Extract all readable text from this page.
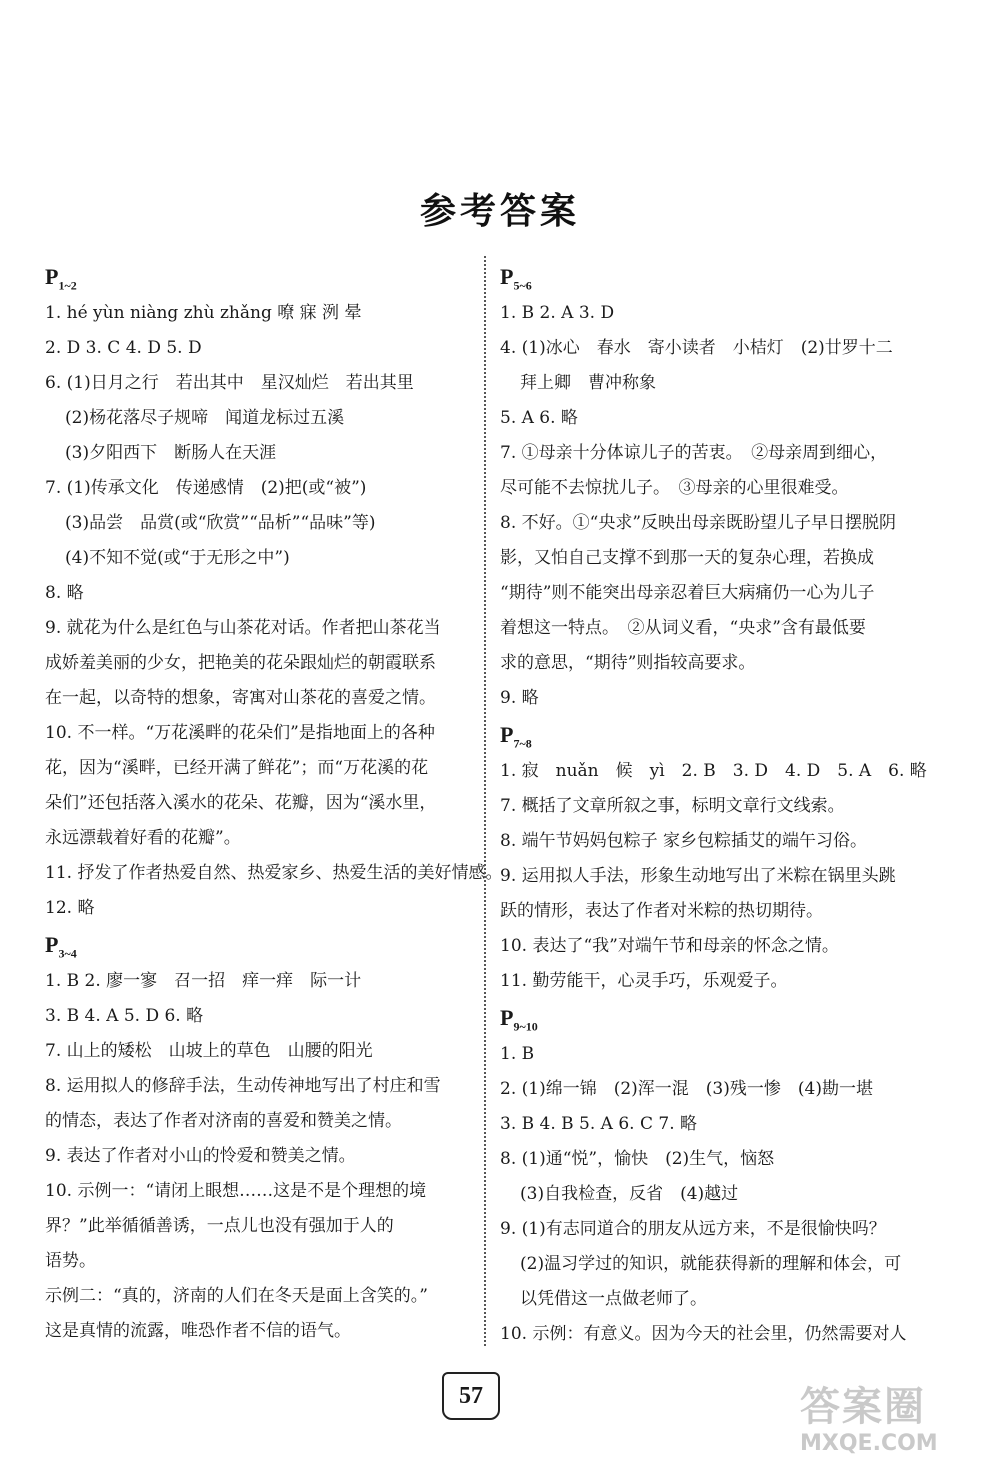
参考答案
$P_{1\sim 2}$
1. hé yùn niàng zhù zhǎng 嘹 寐 洌 晕
2. D 3. C 4. D 5. D
6. (1)日月之行　若出其中　星汉灿烂　若出其里
(2)杨花落尽子规啼　闻道龙标过五溪
(3)夕阳西下　断肠人在天涯
7. (1)传承文化　传递感情　(2)把(或“被”)
(3)品尝　品赏(或“欣赏”“品析”“品味”等)
(4)不知不觉(或“于无形之中”)
8. 略
9. 就花为什么是红色与山茶花对话。作者把山茶花当
成娇羞美丽的少女，把艳美的花朵跟灿烂的朝霞联系
在一起，以奇特的想象，寄寓对山茶花的喜爱之情。
10. 不一样。“万花溪畔的花朵们”是指地面上的各种
花，因为“溪畔，已经开满了鲜花”；而“万花溪的花
朵们”还包括落入溪水的花朵、花瓣，因为“溪水里，
永远漂载着好看的花瓣”。
11. 抒发了作者热爱自然、热爱家乡、热爱生活的美好情感。
12. 略
$P_{3\sim 4}$
1. B 2. 廖一寥　召一招　痒一痒　际一计
3. B 4. A 5. D 6. 略
7. 山上的矮松　山坡上的草色　山腰的阳光
8. 运用拟人的修辞手法，生动传神地写出了村庄和雪
的情态，表达了作者对济南的喜爱和赞美之情。
9. 表达了作者对小山的怜爱和赞美之情。
10. 示例一：“请闭上眼想……这是不是个理想的境
界？”此举循循善诱，一点儿也没有强加于人的
语势。
示例二：“真的，济南的人们在冬天是面上含笑的。”
这是真情的流露，唯恐作者不信的语气。
$P_{5\sim 6}$
1. B 2. A 3. D
4. (1)冰心　春水　寄小读者　小桔灯　(2)廿罗十二
拜上卿　曹冲称象
5. A 6. 略
7. ①母亲十分体谅儿子的苦衷。　②母亲周到细心，
尽可能不去惊扰儿子。　③母亲的心里很难受。
8. 不好。①“央求”反映出母亲既盼望儿子早日摆脱阴
影，又怕自己支撑不到那一天的复杂心理，若换成
“期待”则不能突出母亲忍着巨大病痛仍一心为儿子
着想这一特点。　②从词义看，“央求”含有最低要
求的意思，“期待”则指较高要求。
9. 略
$P_{7\sim 8}$
1. 寂　nuǎn　候　yì　2. B　3. D　4. D　5. A　6. 略
7. 概括了文章所叙之事，标明文章行文线索。
8. 端午节妈妈包粽子 家乡包粽插艾的端午习俗。
9. 运用拟人手法，形象生动地写出了米粽在锅里头跳
跃的情形，表达了作者对米粽的热切期待。
10. 表达了“我”对端午节和母亲的怀念之情。
11. 勤劳能干，心灵手巧，乐观爱子。
$P_{9\sim 10}$
1. B
2. (1)绵一锦　(2)浑一混　(3)残一惨　(4)勘一堪
3. B 4. B 5. A 6. C 7. 略
8. (1)通“悦”，愉快　(2)生气，恼怒
(3)自我检查，反省　(4)越过
9. (1)有志同道合的朋友从远方来，不是很愉快吗？
(2)温习学过的知识，就能获得新的理解和体会，可
以凭借这一点做老师了。
10. 示例：有意义。因为今天的社会里，仍然需要对人
57	答案圈
MXQE.COM
